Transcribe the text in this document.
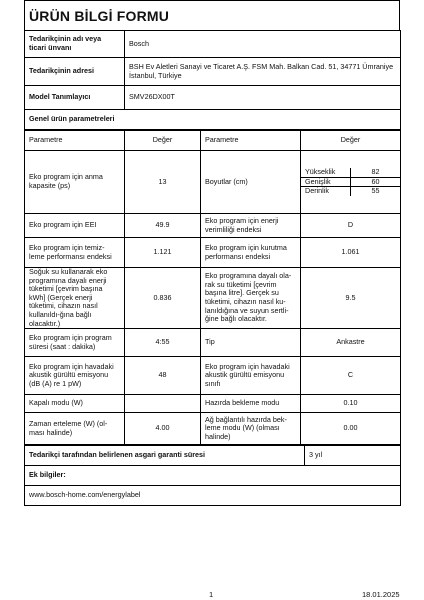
ÜRÜN BİLGİ FORMU
Tedarikçinin adı veya ticari ünvanı	Bosch
Tedarikçinin adresi	BSH Ev Aletleri Sanayi ve Ticaret A.Ş. FSM Mah. Balkan Cad. 51, 34771 Ümraniye İstanbul, Türkiye
Model Tanımlayıcı	SMV26DX00T
Genel ürün parametreleri	
Parametre	Değer	Parametre	Değer
Eko program için anma kapasite (ps)	13	Boyutlar (cm)	
Yükseklik	82
Genişlik	60
Derinlik	55

Eko program için EEI	49.9	Eko program için enerji verimliliği endeksi	D
Eko program için temiz-leme performansı endeksi	1.121	Eko program için kurutma performansı endeksi	1.061
Soğuk su kullanarak eko programına dayalı enerji tüketimi [çevrim başına kWh] (Gerçek enerji tüketimi, cihazın nasıl kullanıldı-ğına bağlı olacaktır.)	0.836	Eko programına dayalı ola-rak su tüketimi [çevrim başına litre]. Gerçek su tüketimi, cihazın nasıl ku-lanıldığına ve suyun sertli-ğine bağlı olacaktır.	9.5
Eko program için program süresi (saat : dakika)	4:55	Tip	Ankastre
Eko program için havadaki akustik gürültü emisyonu (dB (A) re 1 pW)	48	Eko program için havadaki akustik gürültü emisyonu sınıfı	C
Kapalı modu (W)		Hazırda bekleme modu	0.10
Zaman erteleme (W) (ol-ması halinde)	4.00	Ağ bağlantılı hazırda bek-leme modu (W) (olması halinde)	0.00
Tedarikçi tarafından belirlenen asgari garanti süresi	3 yıl
Ek bilgiler:
www.bosch-home.com/energylabel
1	18.01.2025
